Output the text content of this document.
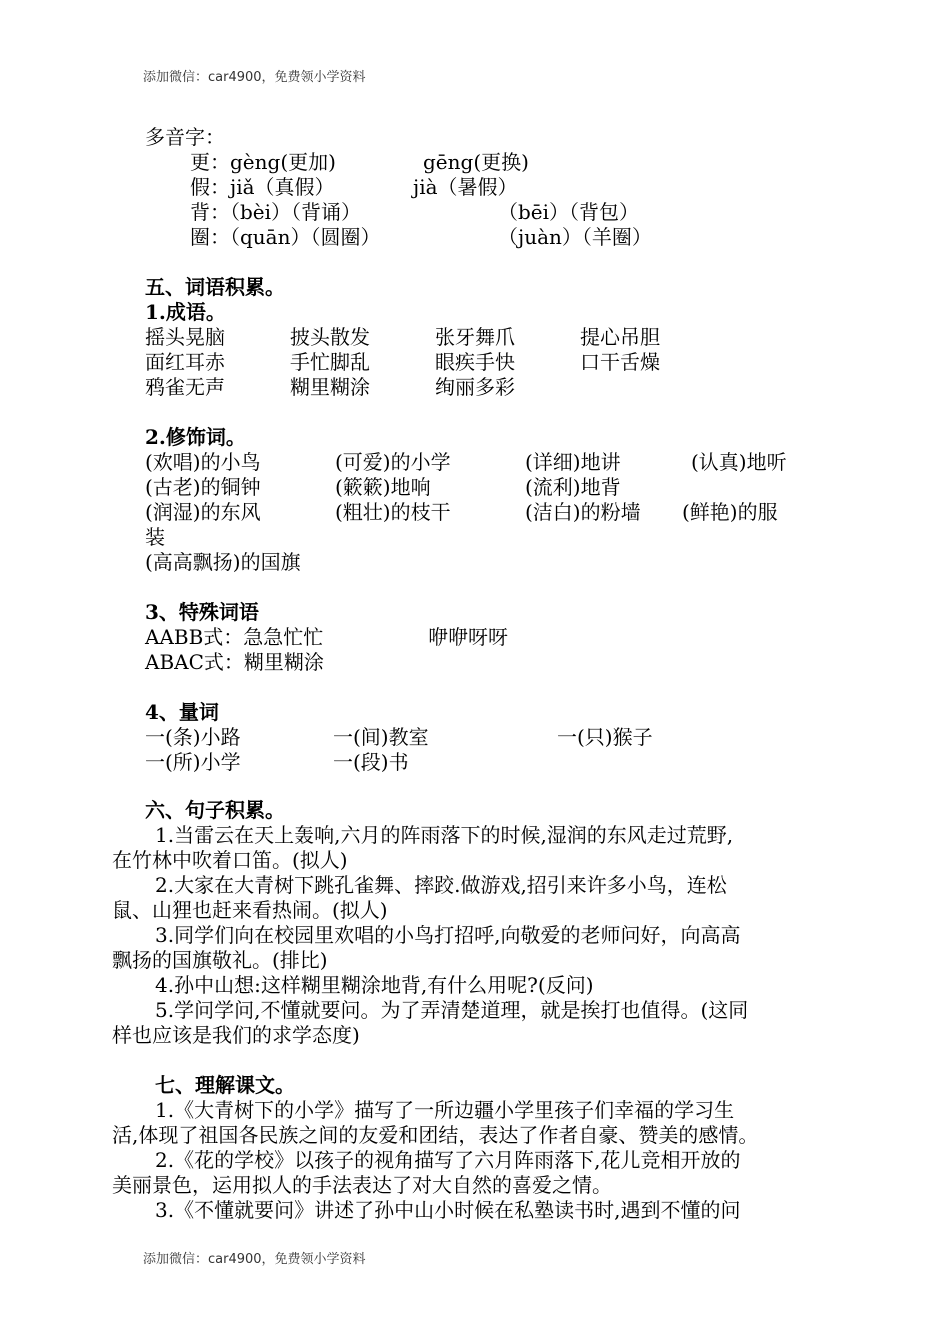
添加微信：car4900，免费领小学资料
多音字：
更：gèng(更加)	gēng(更换)
假：jiǎ（真假）	jià（暑假）
背：（bèi）（背诵）	（bēi）（背包）
圈：（quān）（圆圈）	（juàn）（羊圈）
五、词语积累。
1.成语。
摇头晃脑	披头散发	张牙舞爪	提心吊胆
面红耳赤	手忙脚乱	眼疾手快	口干舌燥
鸦雀无声	糊里糊涂	绚丽多彩
2.修饰词。
(欢唱)的小鸟	(可爱)的小学	(详细)地讲	(认真)地听
(古老)的铜钟	(簌簌)地响	(流利)地背
(润湿)的东风	(粗壮)的枝干	(洁白)的粉墙 (鲜艳)的服
装
(高高飘扬)的国旗
3、特殊词语
AABB式：急急忙忙	咿咿呀呀
ABAC式：糊里糊涂
4、量词
一(条)小路	一(间)教室	一(只)猴子
一(所)小学	一(段)书
六、句子积累。
1.当雷云在天上轰响,六月的阵雨落下的时候,湿润的东风走过荒野,
在竹林中吹着口笛。(拟人)
2.大家在大青树下跳孔雀舞、摔跤.做游戏,招引来许多小鸟，连松
鼠、山狸也赶来看热闹。(拟人)
3.同学们向在校园里欢唱的小鸟打招呼,向敬爱的老师问好，向高高
飘扬的国旗敬礼。(排比)
4.孙中山想:这样糊里糊涂地背,有什么用呢?(反问)
5.学问学问,不懂就要问。为了弄清楚道理，就是挨打也值得。(这同
样也应该是我们的求学态度)
七、理解课文。
1.《大青树下的小学》描写了一所边疆小学里孩子们幸福的学习生
活,体现了祖国各民族之间的友爱和团结，表达了作者自豪、赞美的感情。
2.《花的学校》以孩子的视角描写了六月阵雨落下,花儿竞相开放的
美丽景色，运用拟人的手法表达了对大自然的喜爱之情。
3.《不懂就要问》讲述了孙中山小时候在私塾读书时,遇到不懂的问
添加微信：car4900，免费领小学资料
